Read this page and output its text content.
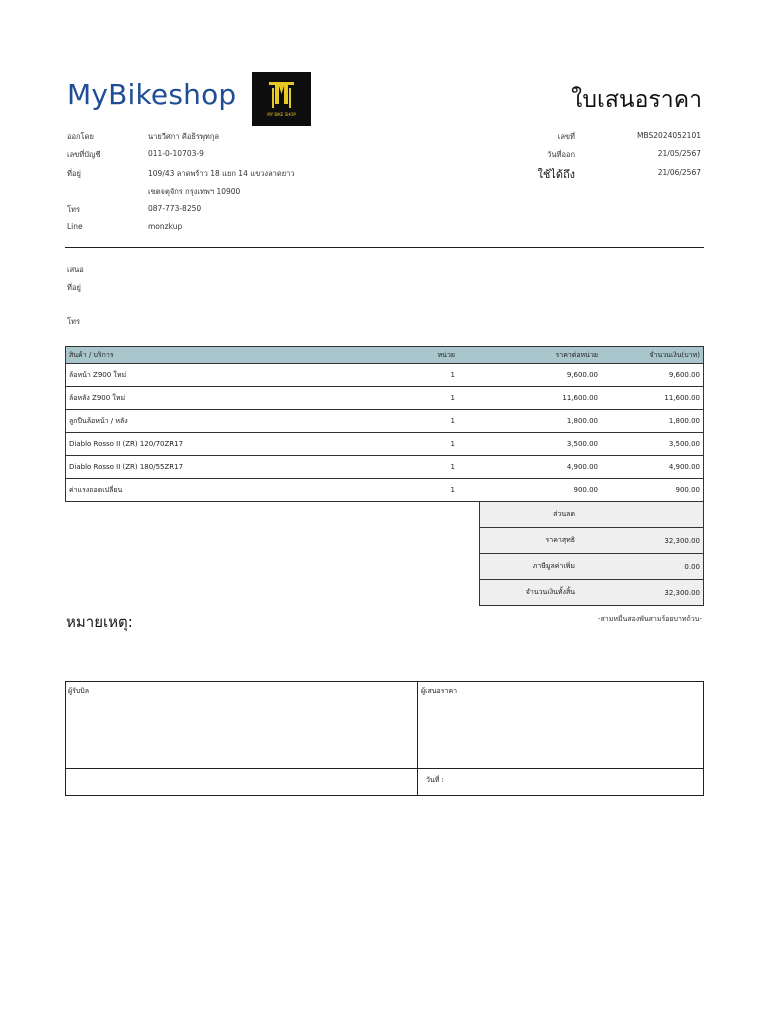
MyBikeshop
MY BIKE SHOP
ใบเสนอราคา
ออกโดย	นายวีศกา คีอธิรพุทกุล
เลขที่บัญชี	011-0-10703-9
ที่อยู่	109/43 ลาดพร้าว 18 แยก 14 แขวงลาดยาว
เขตจตุจักร กรุงเทพฯ 10900
โทร	087-773-8250
Line	monzkup
เลขที่	MBS2024052101
วันที่ออก	21/05/2567
ใช้ได้ถึง	21/06/2567
เสนอ
ที่อยู่
โทร
สินค้า / บริการ	หน่วย	ราคาต่อหน่วย	จำนวนเงิน(บาท)
ล้อหน้า Z900 ใหม่	1	9,600.00	9,600.00
ล้อหลัง Z900 ใหม่	1	11,600.00	11,600.00
ลูกปืนล้อหน้า / หลัง	1	1,800.00	1,800.00
Diablo Rosso II (ZR) 120/70ZR17	1	3,500.00	3,500.00
Diablo Rosso II (ZR) 180/55ZR17	1	4,900.00	4,900.00
ค่าแรงถอดเปลี่ยน	1	900.00	900.00
ส่วนลด	
ราคาสุทธิ	32,300.00
ภาษีมูลค่าเพิ่ม	0.00
จำนวนเงินทั้งสิ้น	32,300.00
หมายเหตุ:	-สามหมื่นสองพันสามร้อยบาทถ้วน-
ผู้รับบิล	ผู้เสนอราคา
วันที่ :
